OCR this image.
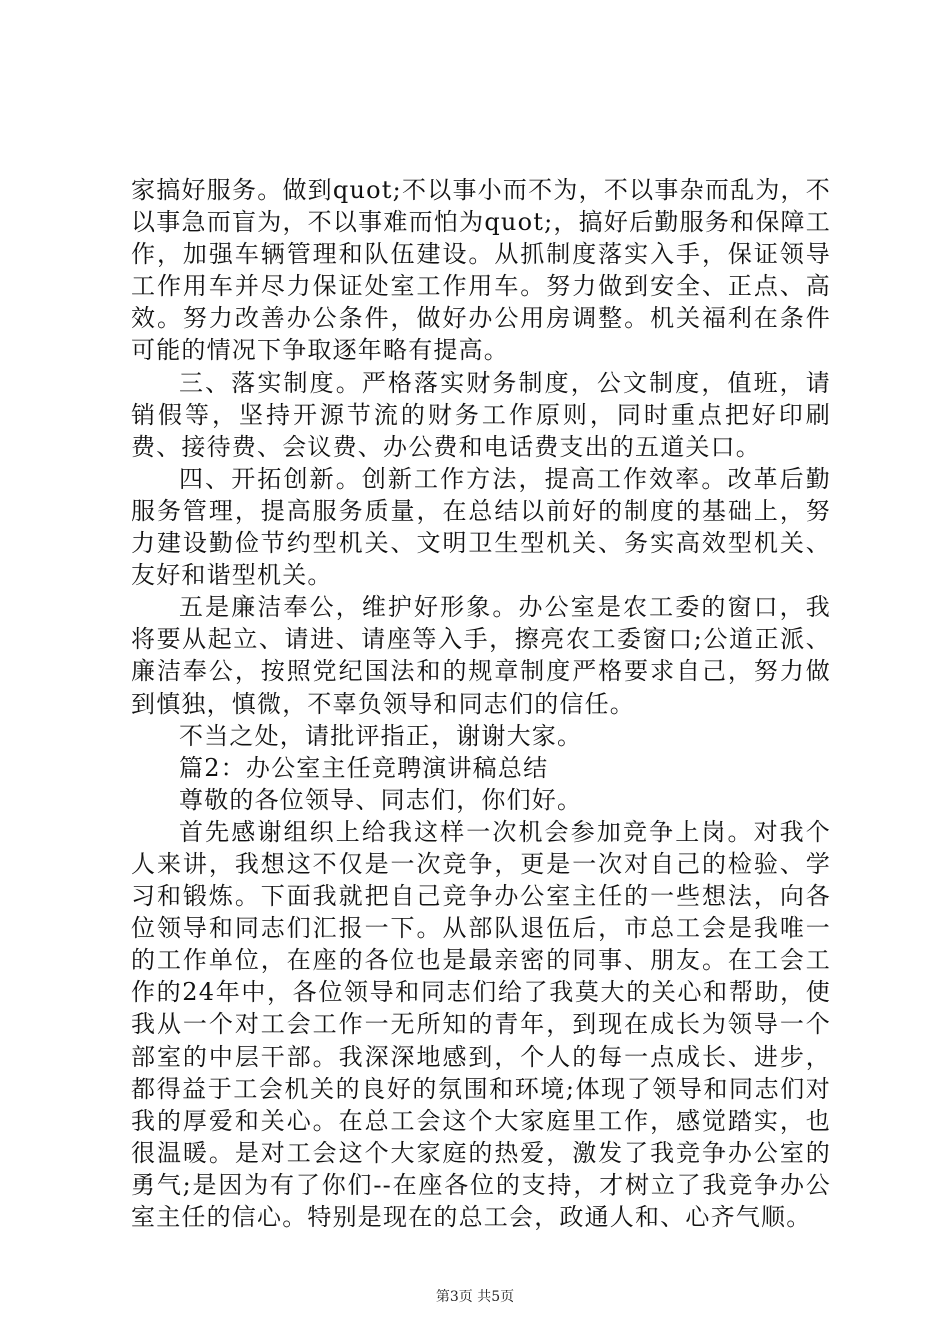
家搞好服务。做到quot;不以事小而不为，不以事杂而乱为，不以事急而盲为，不以事难而怕为quot;，搞好后勤服务和保障工作，加强车辆管理和队伍建设。从抓制度落实入手，保证领导工作用车并尽力保证处室工作用车。努力做到安全、正点、高效。努力改善办公条件，做好办公用房调整。机关福利在条件可能的情况下争取逐年略有提高。

三、落实制度。严格落实财务制度，公文制度，值班，请销假等，坚持开源节流的财务工作原则，同时重点把好印刷费、接待费、会议费、办公费和电话费支出的五道关口。

四、开拓创新。创新工作方法，提高工作效率。改革后勤服务管理，提高服务质量，在总结以前好的制度的基础上，努力建设勤俭节约型机关、文明卫生型机关、务实高效型机关、友好和谐型机关。

五是廉洁奉公，维护好形象。办公室是农工委的窗口，我将要从起立、请进、请座等入手，擦亮农工委窗口;公道正派、廉洁奉公，按照党纪国法和的规章制度严格要求自己，努力做到慎独，慎微，不辜负领导和同志们的信任。

不当之处，请批评指正，谢谢大家。

篇2：办公室主任竞聘演讲稿总结

尊敬的各位领导、同志们，你们好。

首先感谢组织上给我这样一次机会参加竞争上岗。对我个人来讲，我想这不仅是一次竞争，更是一次对自己的检验、学习和锻炼。下面我就把自己竞争办公室主任的一些想法，向各位领导和同志们汇报一下。从部队退伍后，市总工会是我唯一的工作单位，在座的各位也是最亲密的同事、朋友。在工会工作的24年中，各位领导和同志们给了我莫大的关心和帮助，使我从一个对工会工作一无所知的青年，到现在成长为领导一个部室的中层干部。我深深地感到，个人的每一点成长、进步，都得益于工会机关的良好的氛围和环境;体现了领导和同志们对我的厚爱和关心。在总工会这个大家庭里工作，感觉踏实，也很温暖。是对工会这个大家庭的热爱，激发了我竞争办公室的勇气;是因为有了你们--在座各位的支持，才树立了我竞争办公室主任的信心。特别是现在的总工会，政通人和、心齐气顺。

第3页 共5页
